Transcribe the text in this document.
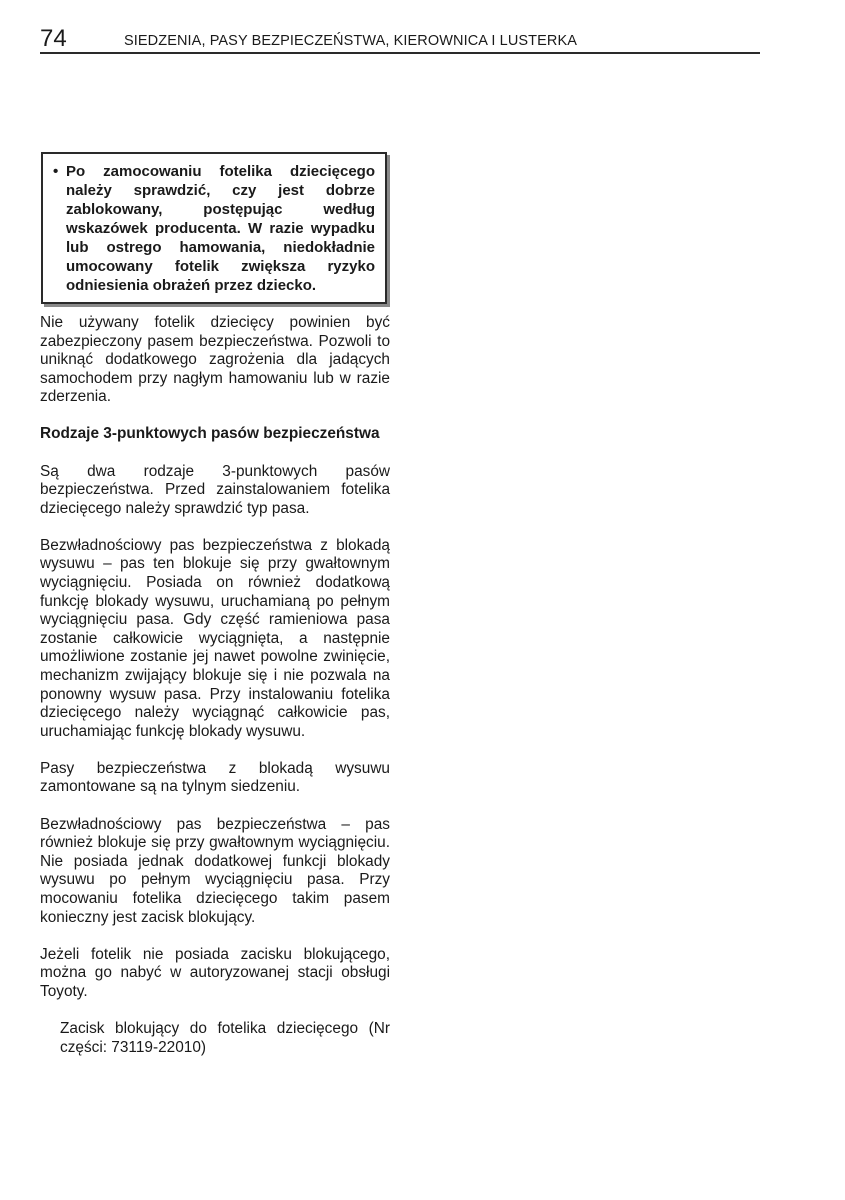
74	SIEDZENIA, PASY BEZPIECZEŃSTWA, KIEROWNICA I LUSTERKA
• Po zamocowaniu fotelika dziecięcego należy sprawdzić, czy jest dobrze zablokowany, postępując według wskazówek producenta. W razie wypadku lub ostrego hamowania, niedokładnie umocowany fotelik zwiększa ryzyko odniesienia obrażeń przez dziecko.

Nie używany fotelik dziecięcy powinien być zabezpieczony pasem bezpieczeństwa. Pozwoli to uniknąć dodatkowego zagrożenia dla jadących samochodem przy nagłym hamowaniu lub w razie zderzenia.

Rodzaje 3-punktowych pasów bezpieczeństwa

Są dwa rodzaje 3-punktowych pasów bezpieczeństwa. Przed zainstalowaniem fotelika dziecięcego należy sprawdzić typ pasa.

Bezwładnościowy pas bezpieczeństwa z blokadą wysuwu – pas ten blokuje się przy gwałtownym wyciągnięciu. Posiada on również dodatkową funkcję blokady wysuwu, uruchamianą po pełnym wyciągnięciu pasa. Gdy część ramieniowa pasa zostanie całkowicie wyciągnięta, a następnie umożliwione zostanie jej nawet powolne zwinięcie, mechanizm zwijający blokuje się i nie pozwala na ponowny wysuw pasa. Przy instalowaniu fotelika dziecięcego należy wyciągnąć całkowicie pas, uruchamiając funkcję blokady wysuwu.

Pasy bezpieczeństwa z blokadą wysuwu zamontowane są na tylnym siedzeniu.

Bezwładnościowy pas bezpieczeństwa – pas również blokuje się przy gwałtownym wyciągnięciu. Nie posiada jednak dodatkowej funkcji blokady wysuwu po pełnym wyciągnięciu pasa. Przy mocowaniu fotelika dziecięcego takim pasem konieczny jest zacisk blokujący.

Jeżeli fotelik nie posiada zacisku blokującego, można go nabyć w autoryzowanej stacji obsługi Toyoty.

Zacisk blokujący do fotelika dziecięcego (Nr części: 73119-22010)
